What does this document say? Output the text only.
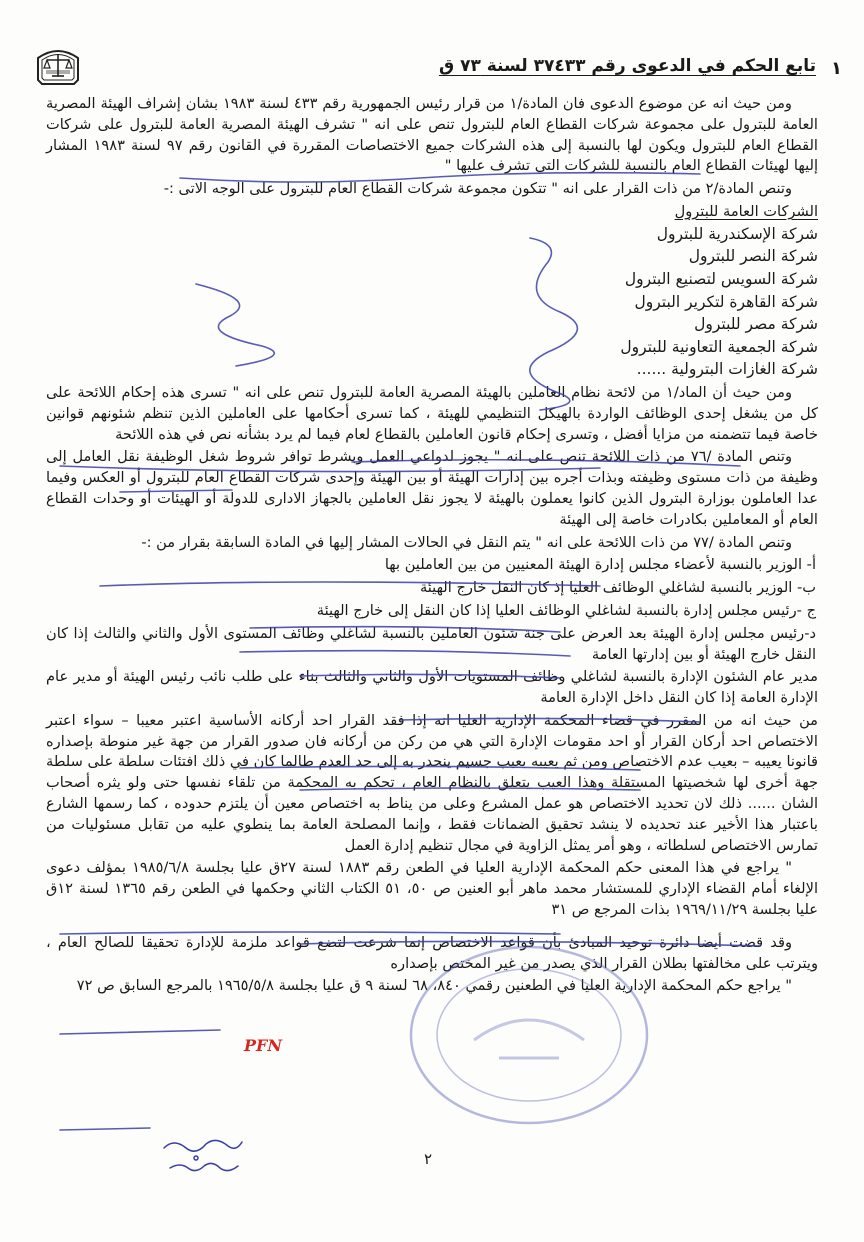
١
تابع الحكم في الدعوى رقم ٣٧٤٣٣ لسنة ٧٣ ق

ومن حيث انه عن موضوع الدعوى فان المادة/١ من قرار رئيس الجمهورية رقم ٤٣٣ لسنة ١٩٨٣ بشان إشراف الهيئة المصرية العامة للبترول على مجموعة شركات القطاع العام للبترول تنص على انه " تشرف الهيئة المصرية العامة للبترول على شركات القطاع العام للبترول ويكون لها بالنسبة إلى هذه الشركات جميع الاختصاصات المقررة في القانون رقم ٩٧ لسنة ١٩٨٣ المشار إليها لهيئات القطاع العام بالنسبة للشركات التي تشرف عليها "

وتنص المادة/٢ من ذات القرار على انه " تتكون مجموعة شركات القطاع العام للبترول على الوجه الاتى :-

الشركات العامة للبترول
شركة الإسكندرية للبترول
شركة النصر للبترول
شركة السويس لتصنيع البترول
شركة القاهرة لتكرير البترول
شركة مصر للبترول
شركة الجمعية التعاونية للبترول
شركة الغازات البترولية ......

ومن حيث أن الماد/١ من لائحة نظام العاملين بالهيئة المصرية العامة للبترول تنص على انه " تسرى هذه إحكام اللائحة على كل من يشغل إحدى الوظائف الواردة بالهيكل التنظيمي للهيئة ، كما تسرى أحكامها على العاملين الذين تنظم شئونهم قوانين خاصة فيما تتضمنه من مزايا أفضل ، وتسرى إحكام قانون العاملين بالقطاع لعام فيما لم يرد بشأنه نص في هذه اللائحة

وتنص المادة /٧٦ من ذات اللائحة تنص على انه " يجوز لدواعي العمل وبشرط توافر شروط شغل الوظيفة نقل العامل إلى وظيفة من ذات مستوى وظيفته وبذات أجره بين إدارات الهيئة أو بين الهيئة وإحدى شركات القطاع العام للبترول أو العكس وفيما عدا العاملون بوزارة البترول الذين كانوا يعملون بالهيئة لا يجوز نقل العاملين بالجهاز الادارى للدولة أو الهيئات أو وحدات القطاع العام أو المعاملين بكادرات خاصة إلى الهيئة

وتنص المادة /٧٧ من ذات اللائحة على انه " يتم النقل في الحالات المشار إليها في المادة السابقة بقرار من :-

أ- الوزير بالنسبة لأعضاء مجلس إدارة الهيئة المعنيين من بين العاملين بها

ب- الوزير بالنسبة لشاغلي الوظائف العليا إذ كان النقل خارج الهيئة

ج -رئيس مجلس إدارة بالنسبة لشاغلي الوظائف العليا إذا كان النقل إلى خارج الهيئة

د-رئيس مجلس إدارة الهيئة بعد العرض على جنة شئون العاملين بالنسبة لشاغلي وظائف المستوى الأول والثاني والثالث إذا كان النقل خارج الهيئة أو بين إدارتها العامة

مدير عام الشئون الإدارة بالنسبة لشاغلي وظائف المستويات الأول والثاني والثالث بناء على طلب نائب رئيس الهيئة أو مدير عام الإدارة العامة إذا كان النقل داخل الإدارة العامة

من حيث انه من المقرر في قضاء المحكمة الإدارية العليا انه إذا فقد القرار احد أركانه الأساسية اعتبر معيبا – سواء اعتبر الاختصاص احد أركان القرار أو احد مقومات الإدارة التي هي من ركن من أركانه فان صدور القرار من جهة غير منوطة بإصداره قانونا يعيبه – بعيب عدم الاختصاص ومن ثم يعيبه بعيب جسيم ينحدر به إلى حد العدم طالما كان في ذلك افتئات سلطة على سلطة جهة أخرى لها شخصيتها المستقلة وهذا العيب يتعلق بالنظام العام ، تحكم به المحكمة من تلقاء نفسها حتى ولو يثره أصحاب الشان ...... ذلك لان تحديد الاختصاص هو عمل المشرع وعلى من يناط به اختصاص معين أن يلتزم حدوده ، كما رسمها الشارع باعتبار هذا الأخير عند تحديده لا ينشد تحقيق الضمانات فقط ، وإنما المصلحة العامة بما ينطوي عليه من تقابل مسئوليات من تمارس الاختصاص لسلطاته ، وهو أمر يمثل الزاوية في مجال تنظيم إدارة العمل

" يراجع في هذا المعنى حكم المحكمة الإدارية العليا في الطعن رقم ١٨٨٣ لسنة ٢٧ق عليا بجلسة ١٩٨٥/٦/٨ بمؤلف دعوى الإلغاء أمام القضاء الإداري للمستشار محمد ماهر أبو العنين ص ٥٠، ٥١ الكتاب الثاني وحكمها في الطعن رقم ١٣٦٥ لسنة ١٢ق عليا بجلسة ١٩٦٩/١١/٢٩ بذات المرجع ص ٣١

وقد قضت أيضا دائرة توحيد المبادئ بأن قواعد الاختصاص إنما شرعت لتضع قواعد ملزمة للإدارة تحقيقا للصالح العام ، ويترتب على مخالفتها بطلان القرار الذي يصدر من غير المختص بإصداره

" يراجع حكم المحكمة الإدارية العليا في الطعنين رقمي ٨٤٠، ٦٨ لسنة ٩ ق عليا بجلسة ١٩٦٥/٥/٨ بالمرجع السابق ص ٧٢

PFN
٢
